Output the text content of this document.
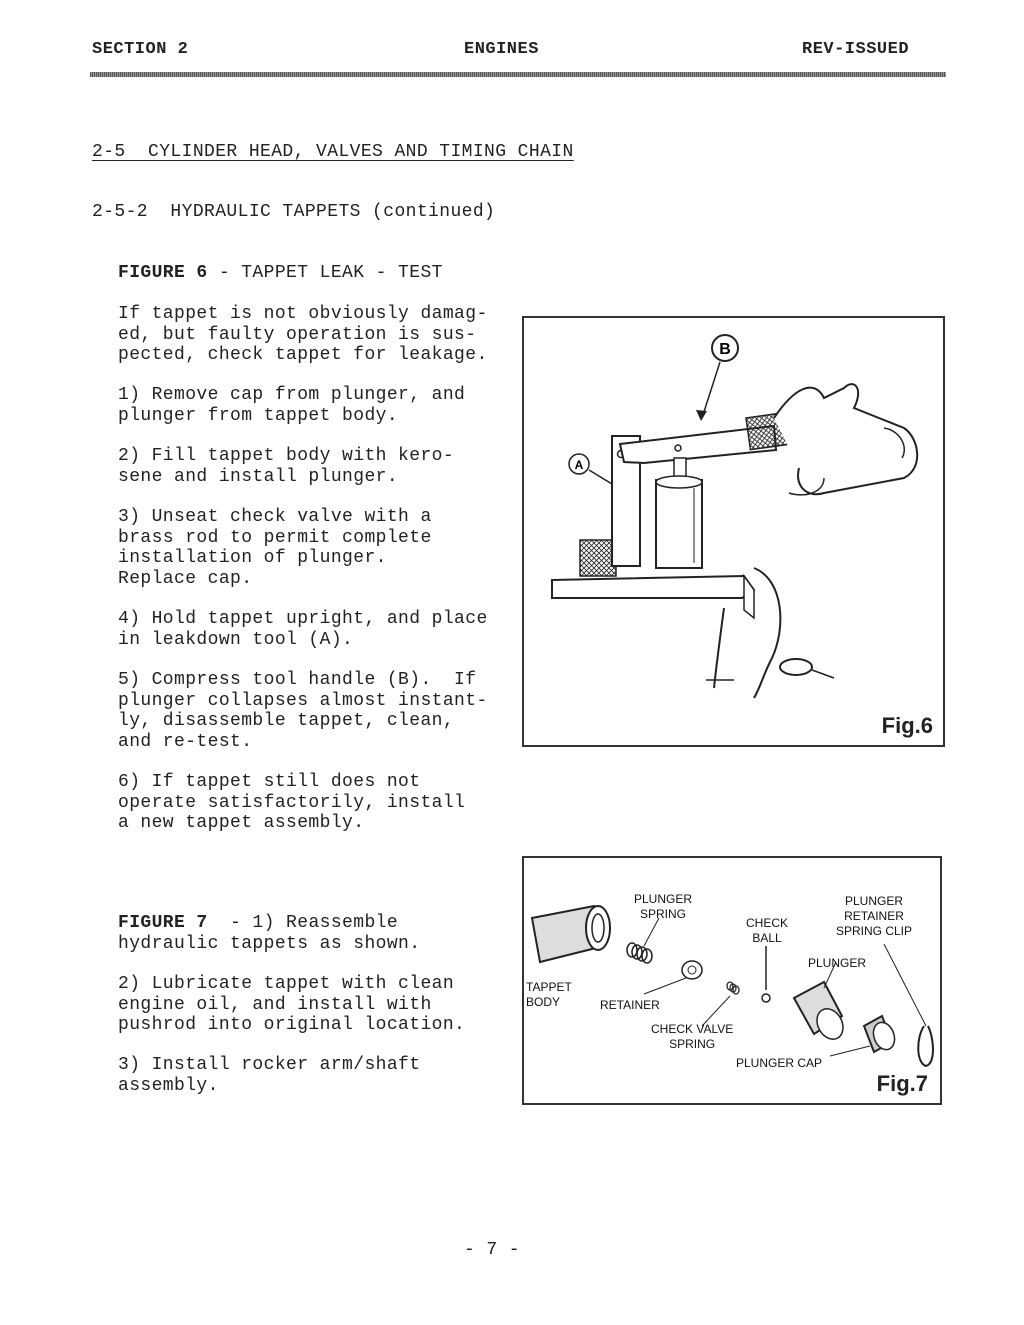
SECTION 2	ENGINES	REV-ISSUED
2-5  CYLINDER HEAD, VALVES AND TIMING CHAIN
2-5-2  HYDRAULIC TAPPETS (continued)
FIGURE 6 - TAPPET LEAK - TEST
If tappet is not obviously damag-
ed, but faulty operation is sus-
pected, check tappet for leakage.
1) Remove cap from plunger, and
plunger from tappet body.
2) Fill tappet body with kero-
sene and install plunger.
3) Unseat check valve with a
brass rod to permit complete
installation of plunger.
Replace cap.
4) Hold tappet upright, and place
in leakdown tool (A).
5) Compress tool handle (B).  If
plunger collapses almost instant-
ly, disassemble tappet, clean,
and re-test.
6) If tappet still does not
operate satisfactorily, install
a new tappet assembly.
A
B
Fig.6
FIGURE 7  - 1) Reassemble
hydraulic tappets as shown.
2) Lubricate tappet with clean
engine oil, and install with
pushrod into original location.
3) Install rocker arm/shaft
assembly.
PLUNGER
SPRING
CHECK
BALL
PLUNGER
RETAINER
SPRING CLIP
PLUNGER
TAPPET
BODY	RETAINER
CHECK VALVE
SPRING
PLUNGER CAP
Fig.7
- 7 -
